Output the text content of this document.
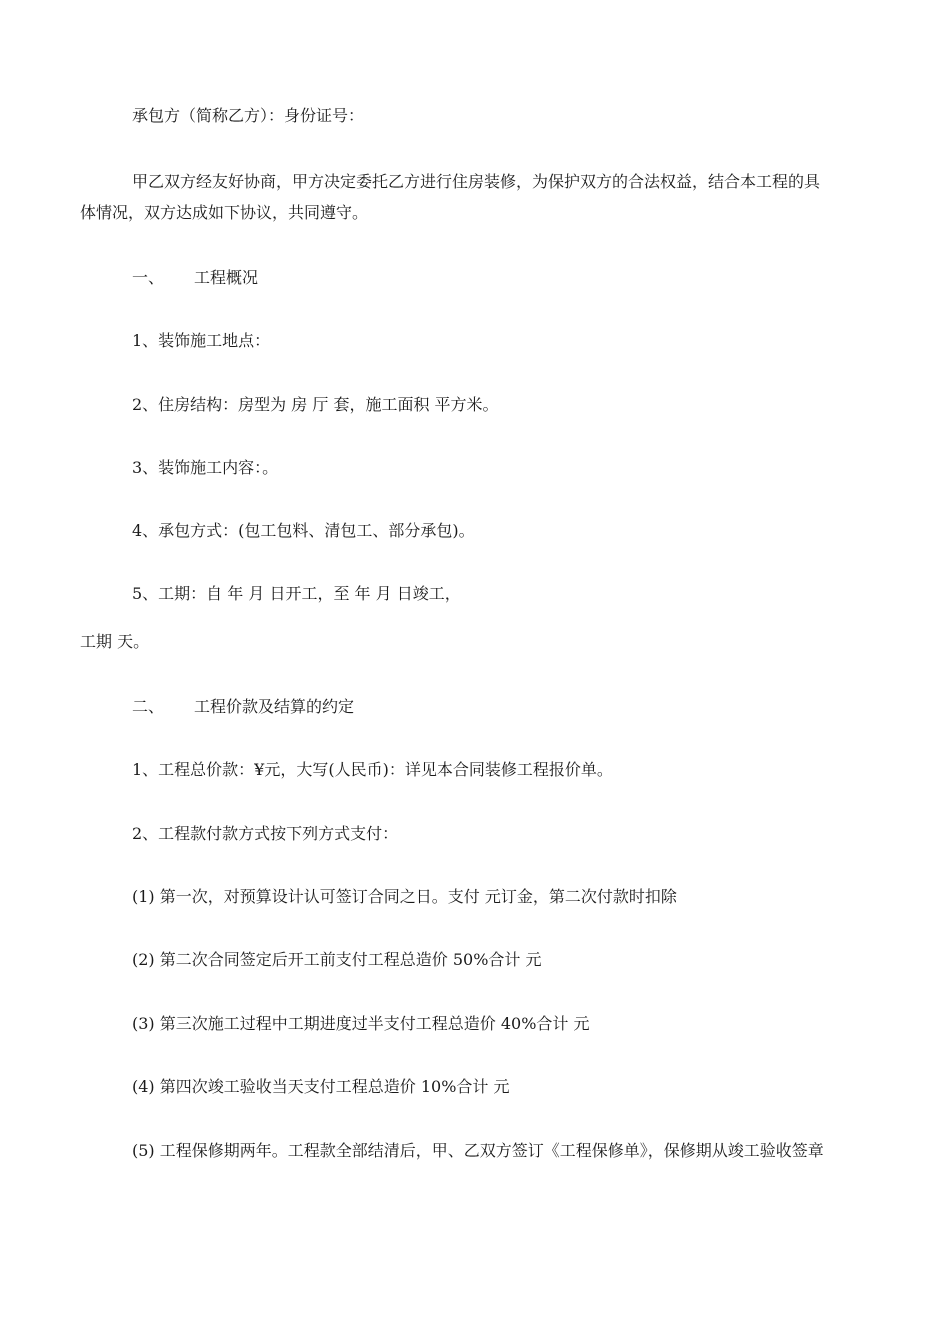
承包方（简称乙方）：身份证号：
甲乙双方经友好协商，甲方决定委托乙方进行住房装修，为保护双方的合法权益，结合本工程的具
体情况，双方达成如下协议，共同遵守。
一、 工程概况
1、装饰施工地点：
2、住房结构：房型为 房 厅 套，施工面积 平方米。
3、装饰施工内容：。
4、承包方式：(包工包料、清包工、部分承包)。
5、工期：自 年 月 日开工，至 年 月 日竣工，
工期 天。
二、 工程价款及结算的约定
1、工程总价款：¥元，大写(人民币)：详见本合同装修工程报价单。
2、工程款付款方式按下列方式支付：
(1) 第一次，对预算设计认可签订合同之日。支付 元订金，第二次付款时扣除
(2) 第二次合同签定后开工前支付工程总造价 50%合计 元
(3) 第三次施工过程中工期进度过半支付工程总造价 40%合计 元
(4) 第四次竣工验收当天支付工程总造价 10%合计 元
(5) 工程保修期两年。工程款全部结清后，甲、乙双方签订《工程保修单》，保修期从竣工验收签章
